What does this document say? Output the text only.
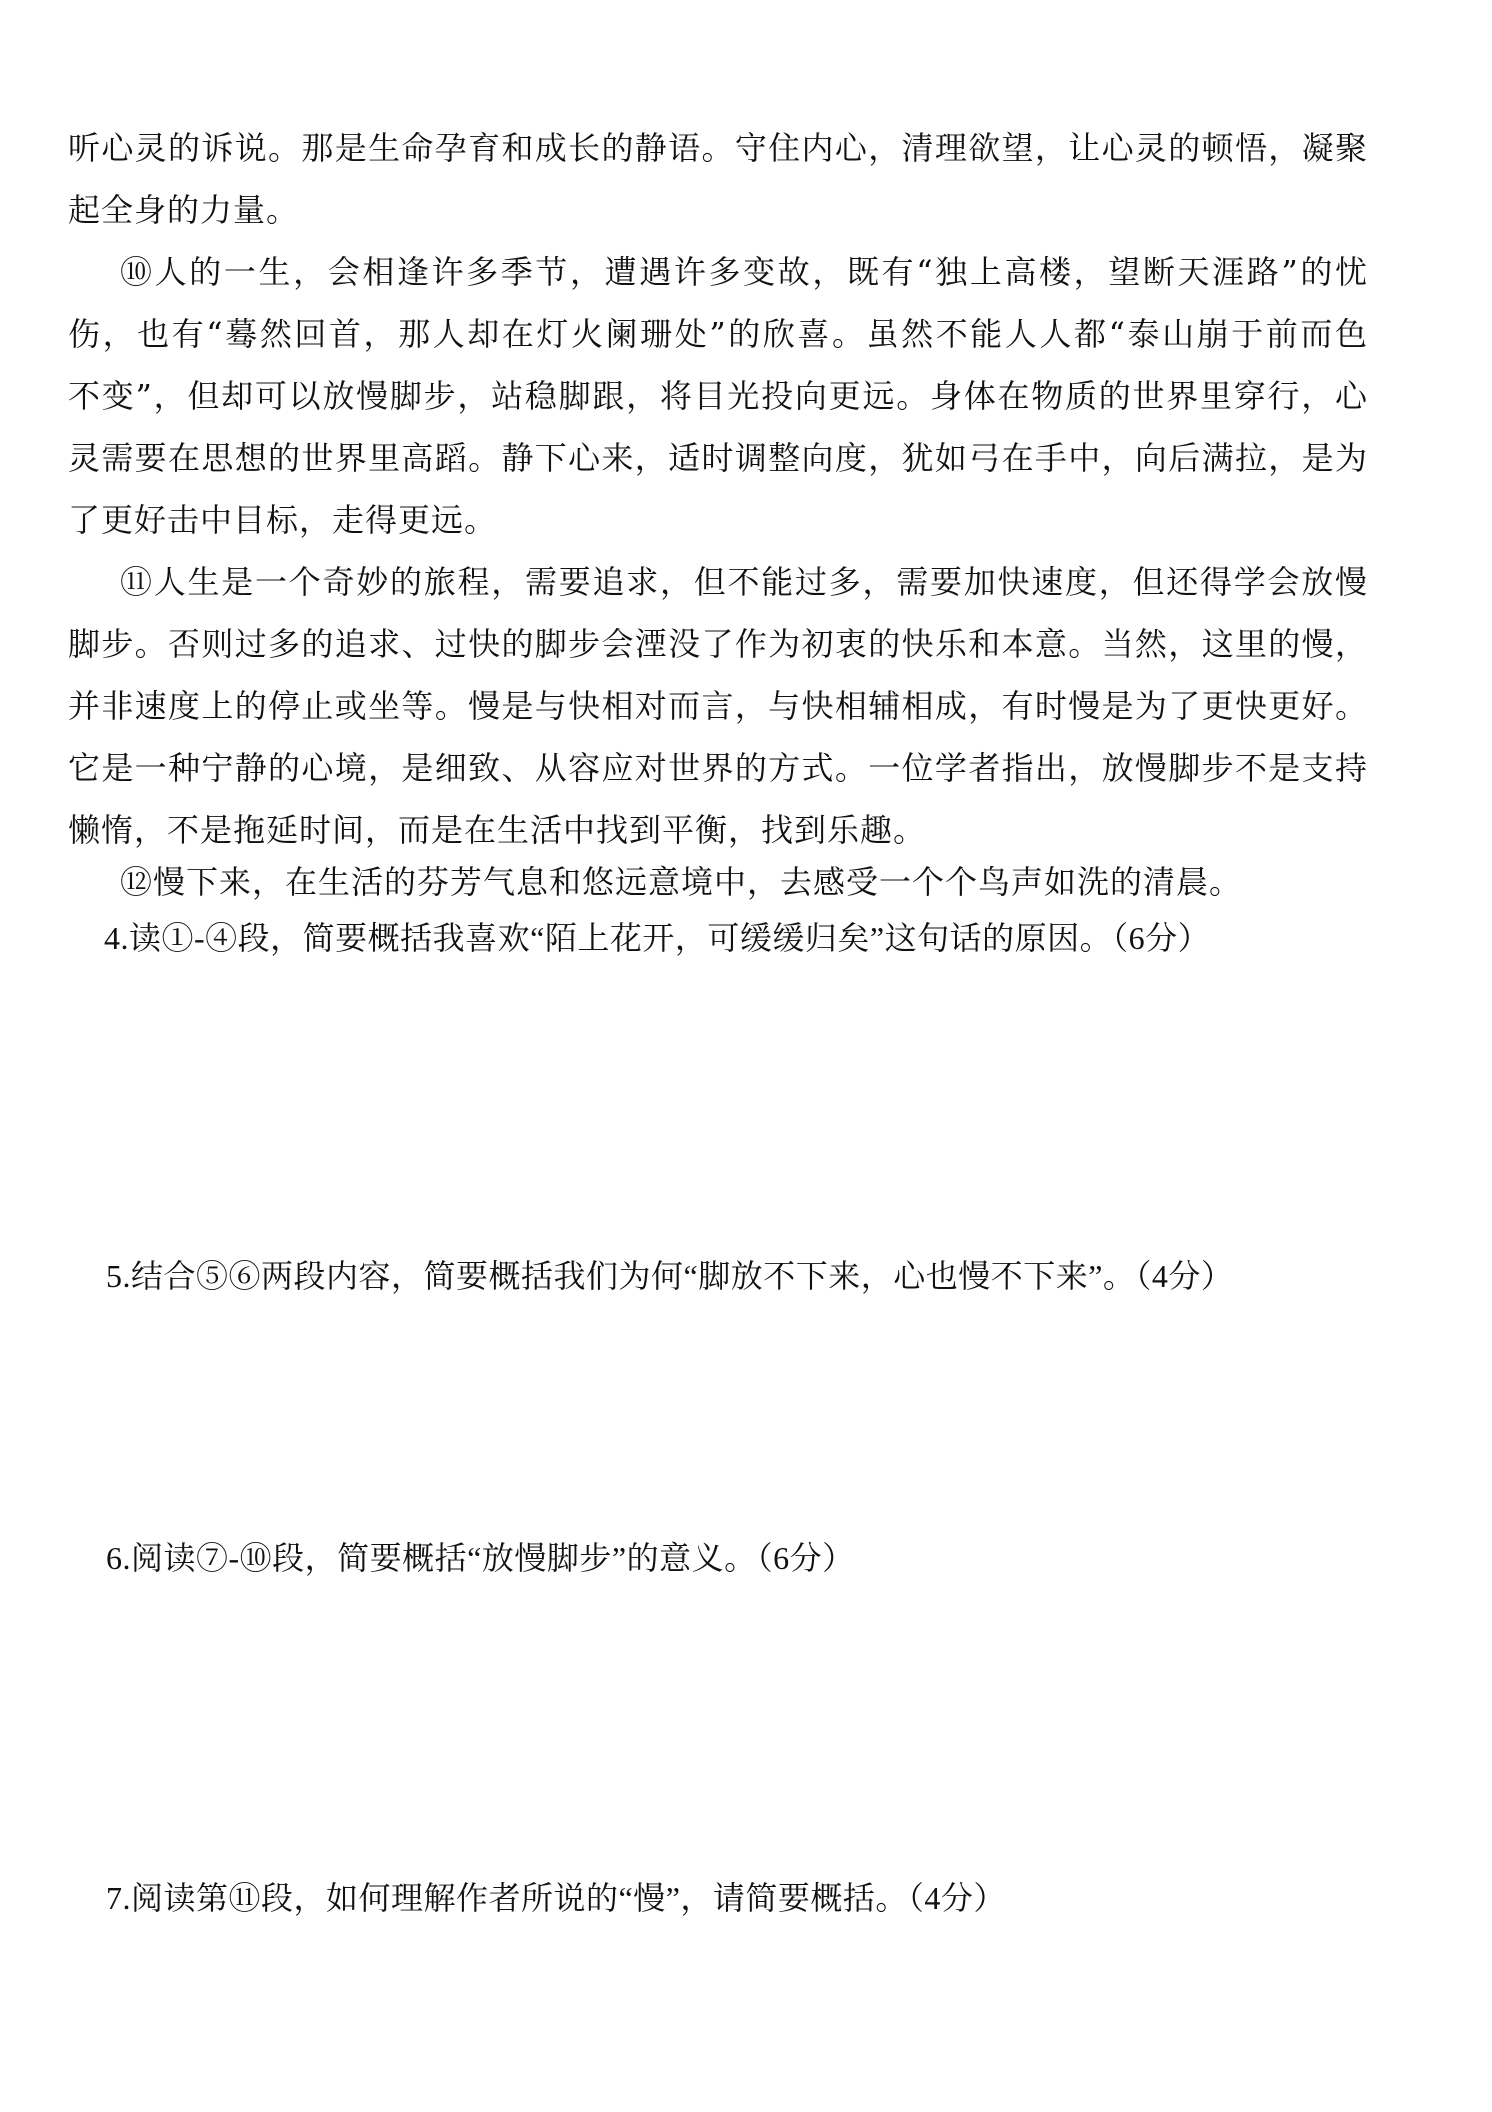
听心灵的诉说。那是生命孕育和成长的静语。守住内心，清理欲望，让心灵的顿悟，凝聚
起全身的力量。
⑩人的一生，会相逢许多季节，遭遇许多变故，既有“独上高楼，望断天涯路”的忧
伤，也有“蓦然回首，那人却在灯火阑珊处”的欣喜。虽然不能人人都“泰山崩于前而色
不变”，但却可以放慢脚步，站稳脚跟，将目光投向更远。身体在物质的世界里穿行，心
灵需要在思想的世界里高蹈。静下心来，适时调整向度，犹如弓在手中，向后满拉，是为
了更好击中目标，走得更远。
⑪人生是一个奇妙的旅程，需要追求，但不能过多，需要加快速度，但还得学会放慢
脚步。否则过多的追求、过快的脚步会湮没了作为初衷的快乐和本意。当然，这里的慢，
并非速度上的停止或坐等。慢是与快相对而言，与快相辅相成，有时慢是为了更快更好。
它是一种宁静的心境，是细致、从容应对世界的方式。一位学者指出，放慢脚步不是支持
懒惰，不是拖延时间，而是在生活中找到平衡，找到乐趣。
⑫慢下来，在生活的芬芳气息和悠远意境中，去感受一个个鸟声如洗的清晨。
4.读①-④段，简要概括我喜欢“陌上花开，可缓缓归矣”这句话的原因。（6分）
5.结合⑤⑥两段内容，简要概括我们为何“脚放不下来，心也慢不下来”。（4分）
6.阅读⑦-⑩段，简要概括“放慢脚步”的意义。（6分）
7.阅读第⑪段，如何理解作者所说的“慢”，请简要概括。（4分）
